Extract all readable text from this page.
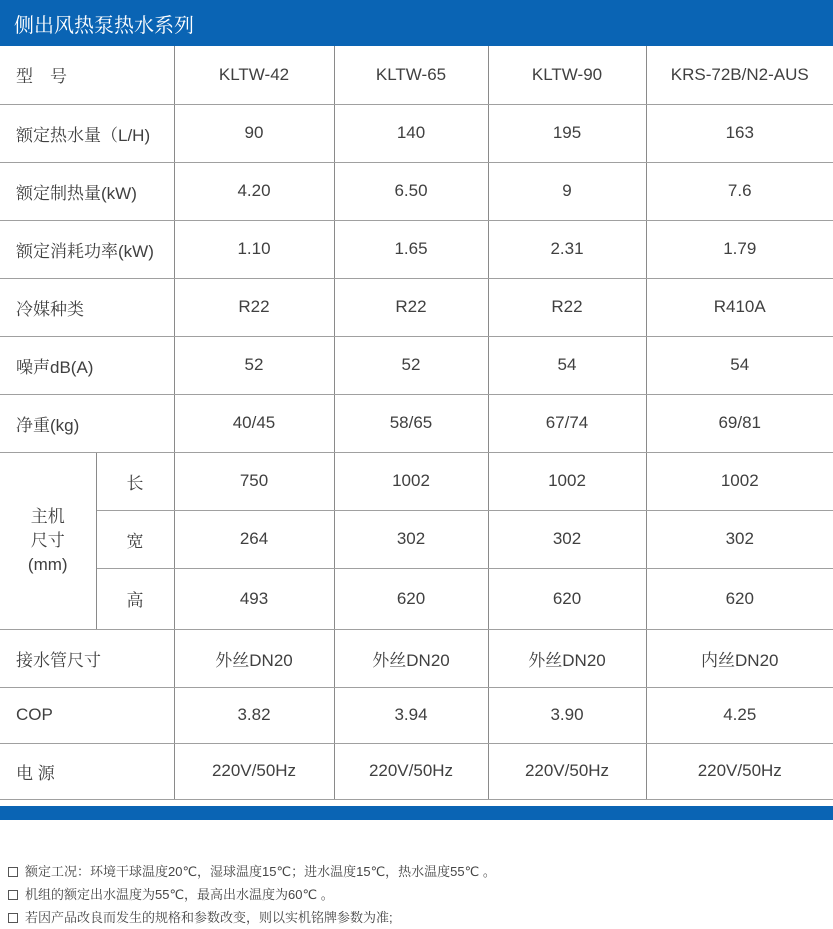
侧出风热泵热水系列
型　号		KLTW-42	KLTW-65	KLTW-90	KRS-72B/N2-AUS
额定热水量（L/H)		90	140	195	163
额定制热量(kW)		4.20	6.50	9	7.6
额定消耗功率(kW)		1.10	1.65	2.31	1.79
冷媒种类		R22	R22	R22	R410A
噪声dB(A)		52	52	54	54
净重(kg)		40/45	58/65	67/74	69/81

主机
尺寸
(mm)	长	750	1002	1002	1002
	宽	264	302	302	302
	高	493	620	620	620
接水管尺寸		外丝DN20	外丝DN20	外丝DN20	内丝DN20
COP		3.82	3.94	3.90	4.25
电 源		220V/50Hz	220V/50Hz	220V/50Hz	220V/50Hz
额定工况：环境干球温度20℃，湿球温度15℃；进水温度15℃，热水温度55℃ 。
机组的额定出水温度为55℃，最高出水温度为60℃ 。
若因产品改良而发生的规格和参数改变，则以实机铭牌参数为准;
